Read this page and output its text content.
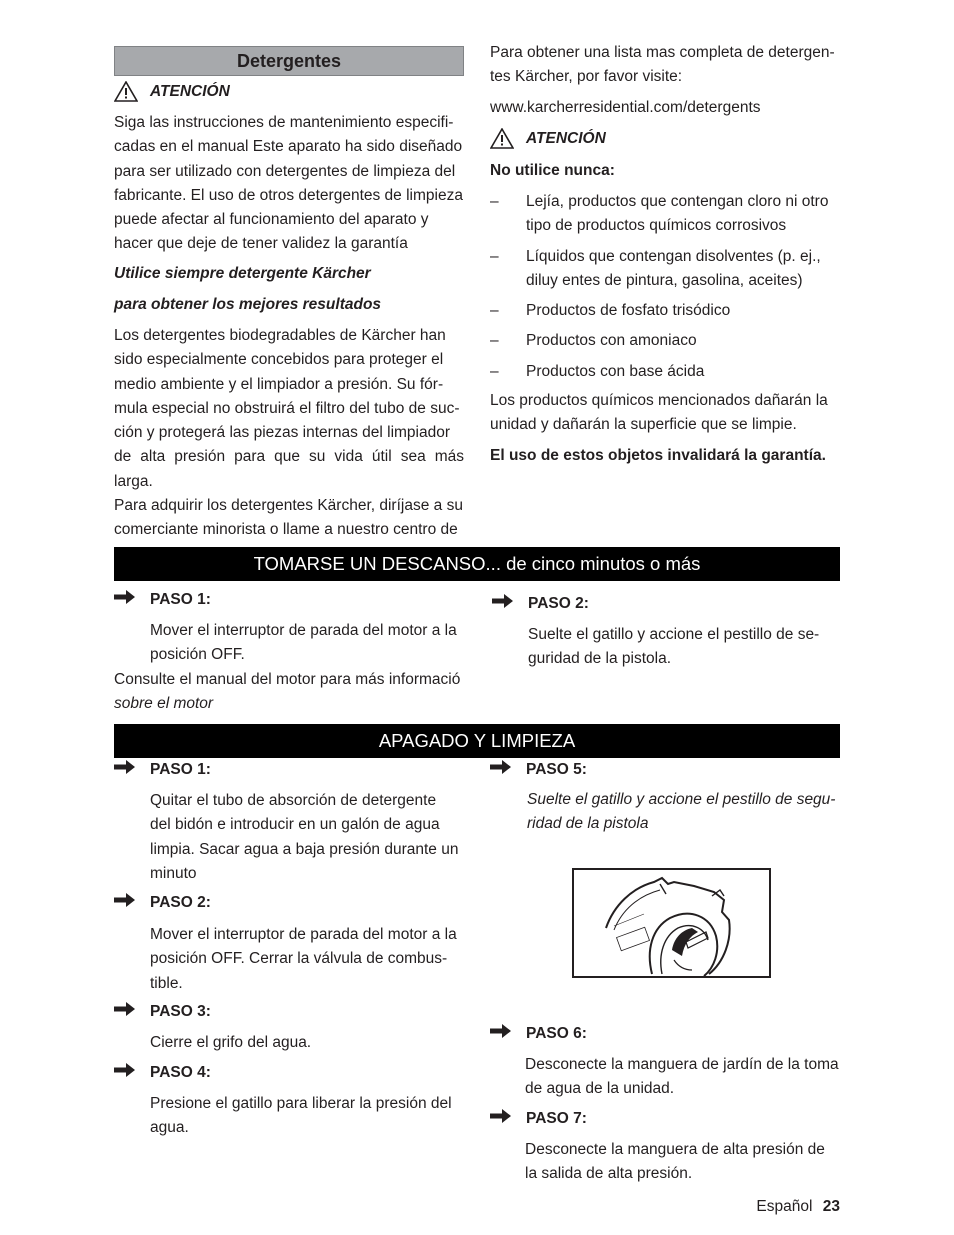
Detergentes
ATENCIÓN

Siga las instrucciones de mantenimiento especifi-

cadas en el manual Este aparato ha sido diseñado

para ser utilizado con detergentes de limpieza del

fabricante. El uso de otros detergentes de limpieza

puede afectar al funcionamiento del aparato y

hacer que deje de tener validez la garantía

Utilice siempre detergente Kärcher
para obtener los mejores resultados

Los detergentes biodegradables de Kärcher han

sido especialmente concebidos para proteger el

medio ambiente y el limpiador a presión. Su fór-

mula especial no obstruirá el filtro del tubo de suc-

ción y protegerá las piezas internas del limpiador

de alta presión para que su vida útil sea más larga.

Para adquirir los detergentes Kärcher, diríjase a su

comerciante minorista o llame a nuestro centro de

Para obtener una lista mas completa de detergen-

tes Kärcher, por favor visite:

www.karcherresidential.com/detergents
ATENCIÓN
No utilice nunca:
–	Lejía, productos que contengan cloro ni otro

tipo de productos químicos corrosivos

–	Líquidos que contengan disolventes (p. ej.,

diluy entes de pintura, gasolina, aceites)

–	Productos de fosfato trisódico

–	Productos con amoniaco

–	Productos con base ácida

Los productos químicos mencionados dañarán la

unidad y dañarán la superficie que se limpie.

El uso de estos objetos invalidará la garantía.
TOMARSE UN DESCANSO... de cinco minutos o más
PASO 1:

Mover el interruptor de parada del motor a la

posición OFF.

Consulte el manual del motor para más informació

sobre el motor

PASO 2:

Suelte el gatillo y accione el pestillo de se-

guridad de la pistola.

APAGADO Y LIMPIEZA
PASO 1:

Quitar el tubo de absorción de detergente

del bidón e introducir en un galón de agua

limpia. Sacar agua a baja presión durante un

minuto

PASO 2:

Mover el interruptor de parada del motor a la

posición OFF. Cerrar la válvula de combus-

tible.

PASO 3:

Cierre el grifo del agua.

PASO 4:

Presione el gatillo para liberar la presión del

agua.

PASO 5:

Suelte el gatillo y accione el pestillo de segu-

ridad de la pistola

PASO 6:

Desconecte la manguera de jardín de la toma

de agua de la unidad.

PASO 7:

Desconecte la manguera de alta presión de

la salida de alta presión.

Español 23
